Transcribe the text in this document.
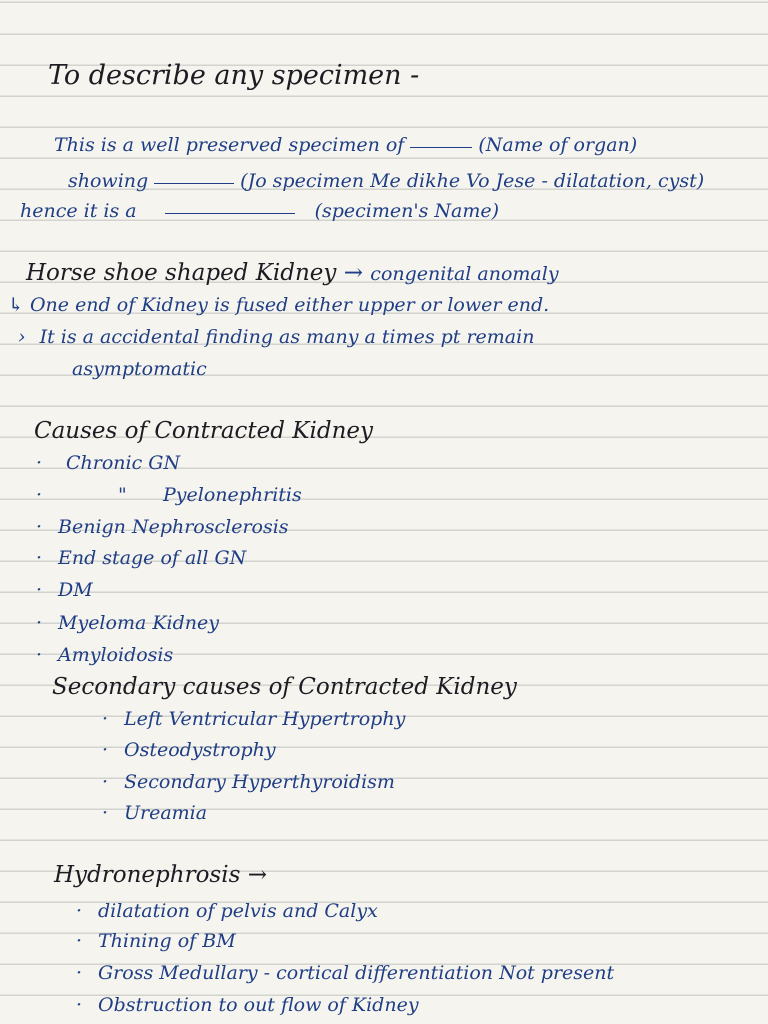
To describe any specimen -

This is a well preserved specimen of	(Name of organ)

showing	(Jo specimen Me dikhe Vo Jese - dilatation, cyst)

hence it is a	(specimen's Name)

Horse shoe shaped Kidney → congenital anomaly

↳ One end of Kidney is fused either upper or lower end.

› It is a accidental finding as many a times pt remain

asymptomatic

Causes of Contracted Kidney

· Chronic GN

·	"      Pyelonephritis

· Benign Nephrosclerosis

· End stage of all GN

· DM

· Myeloma Kidney

· Amyloidosis

Secondary causes of Contracted Kidney

· Left Ventricular Hypertrophy

· Osteodystrophy

· Secondary Hyperthyroidism

· Ureamia

Hydronephrosis →

· dilatation of pelvis and Calyx

· Thining of BM

· Gross Medullary - cortical differentiation Not present

· Obstruction to out flow of Kidney
